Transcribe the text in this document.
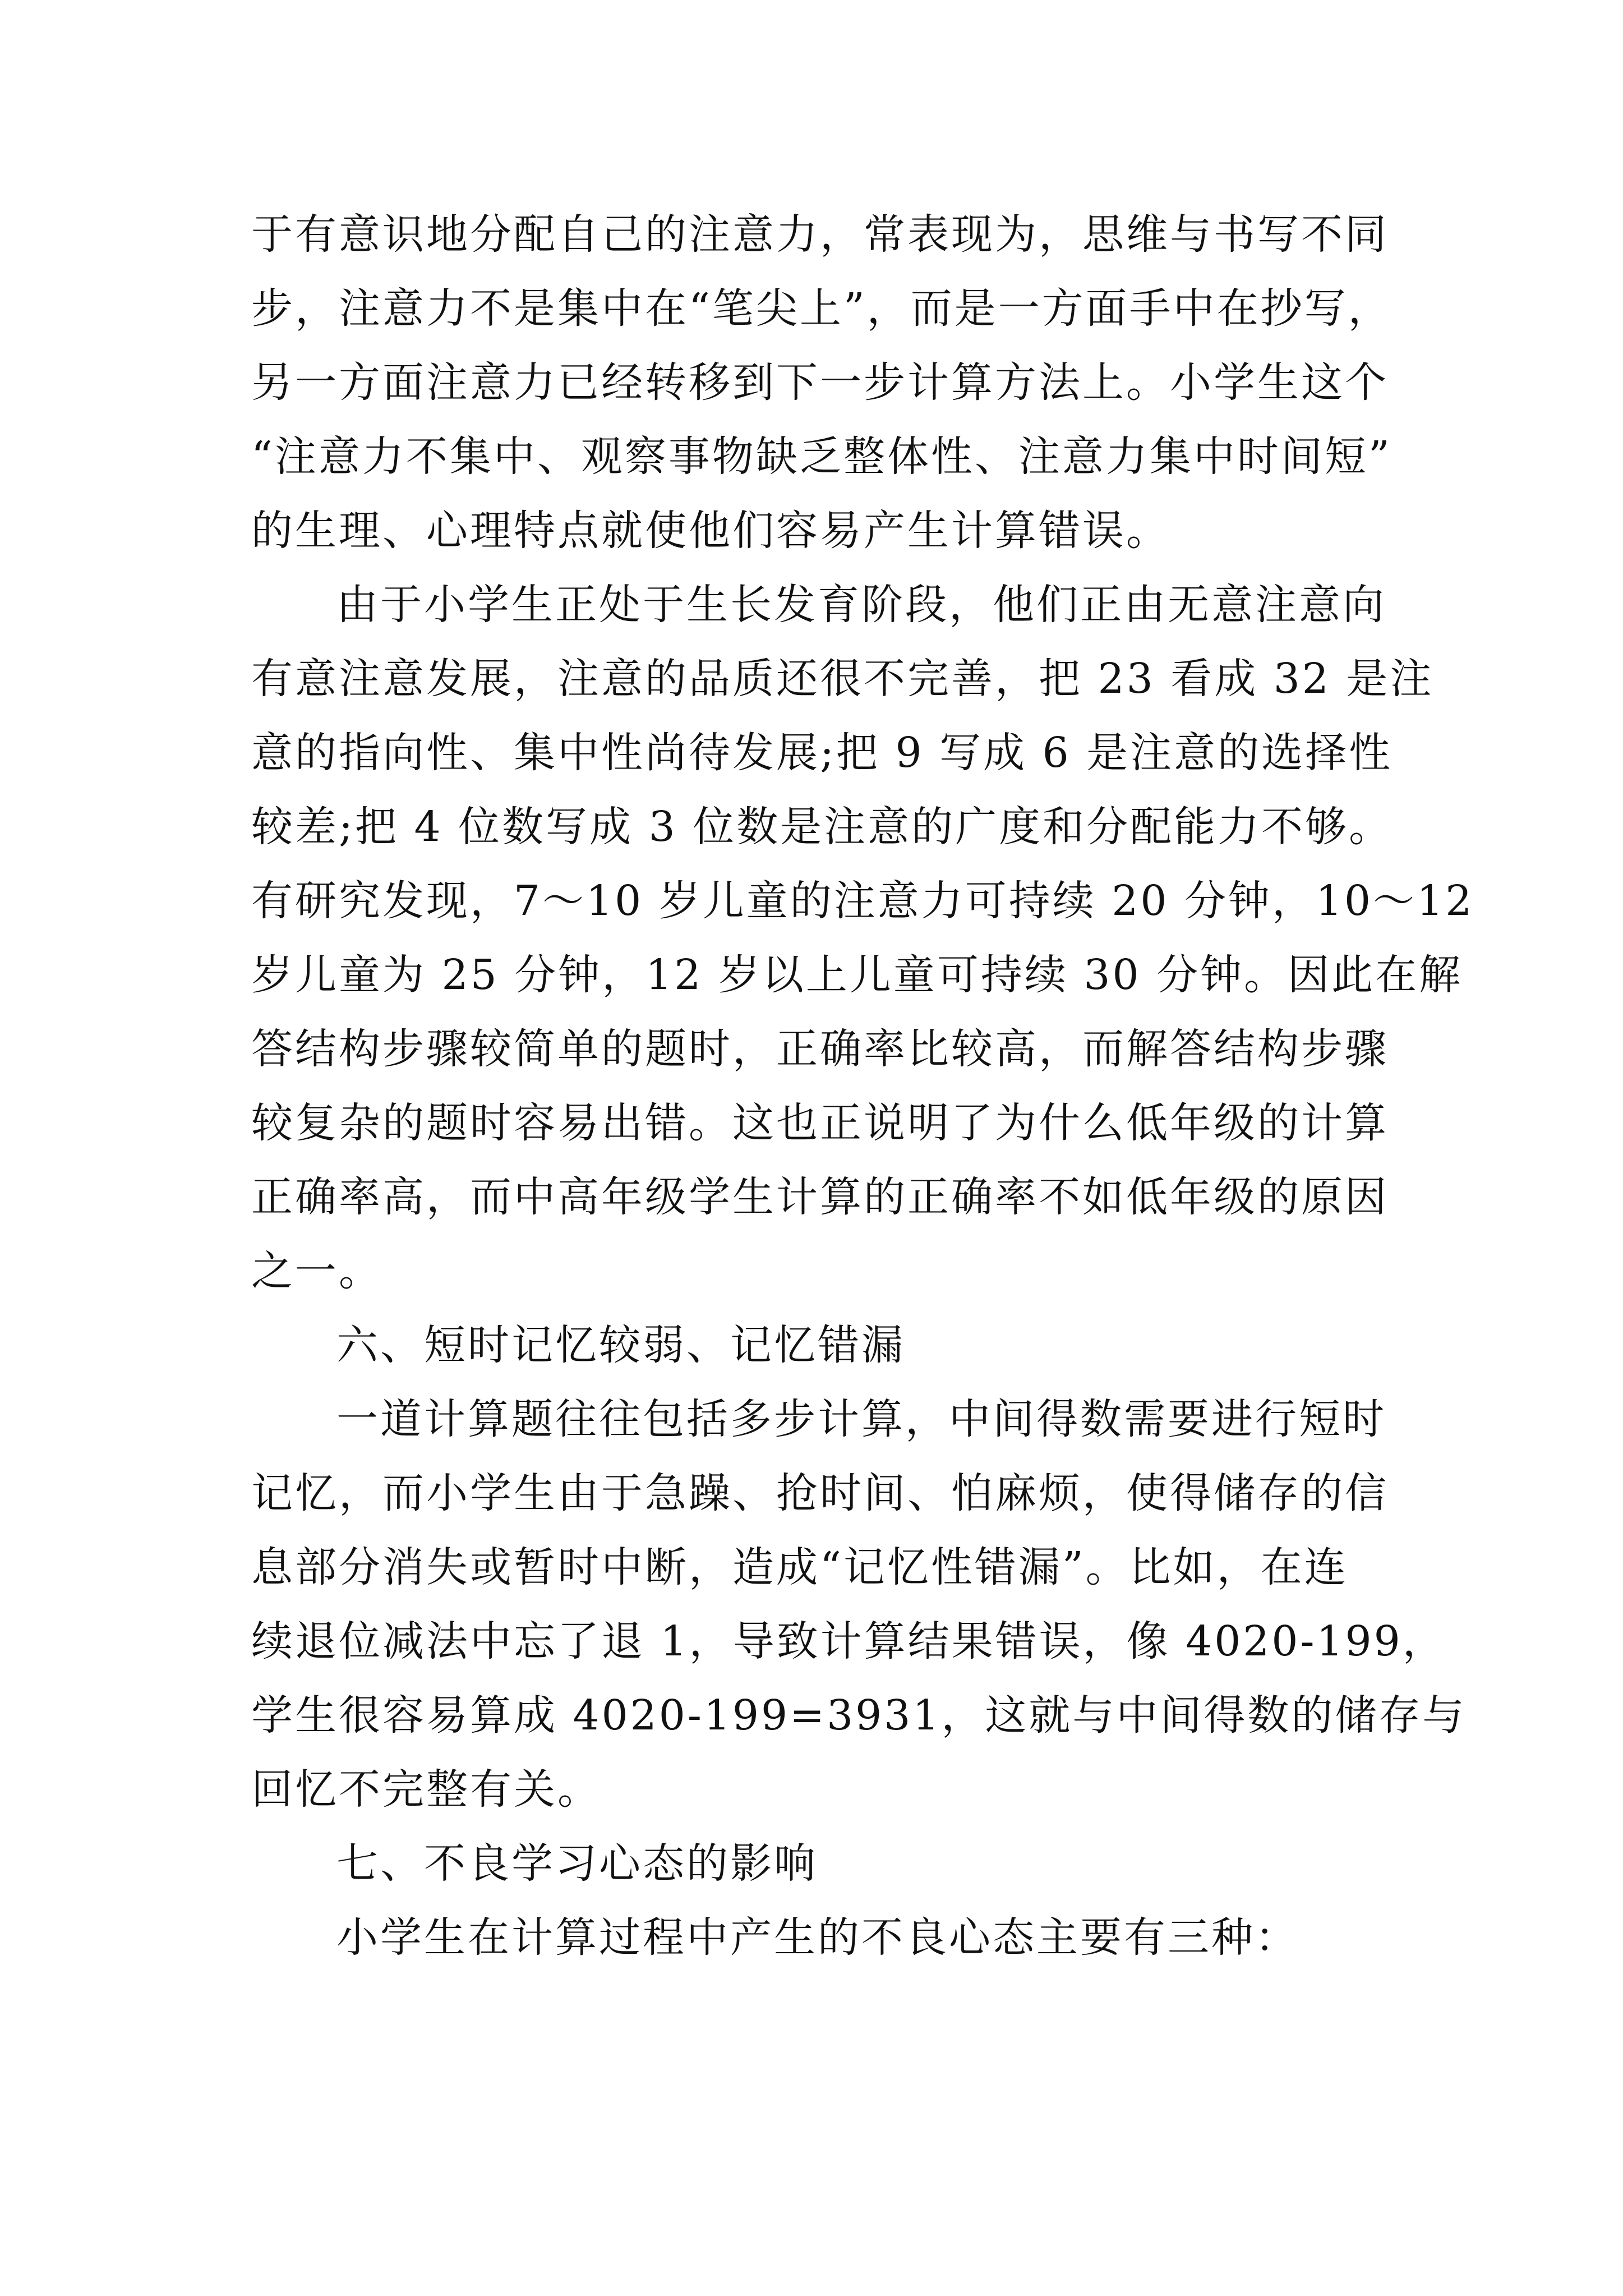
于有意识地分配自己的注意力，常表现为，思维与书写不同
步，注意力不是集中在“笔尖上”，而是一方面手中在抄写，
另一方面注意力已经转移到下一步计算方法上。小学生这个
“注意力不集中、观察事物缺乏整体性、注意力集中时间短”
的生理、心理特点就使他们容易产生计算错误。
由于小学生正处于生长发育阶段，他们正由无意注意向
有意注意发展，注意的品质还很不完善，把 23 看成 32 是注
意的指向性、集中性尚待发展;把 9 写成 6 是注意的选择性
较差;把 4 位数写成 3 位数是注意的广度和分配能力不够。
有研究发现，7～10 岁儿童的注意力可持续 20 分钟，10～12
岁儿童为 25 分钟，12 岁以上儿童可持续 30 分钟。因此在解
答结构步骤较简单的题时，正确率比较高，而解答结构步骤
较复杂的题时容易出错。这也正说明了为什么低年级的计算
正确率高，而中高年级学生计算的正确率不如低年级的原因
之一。
六、短时记忆较弱、记忆错漏
一道计算题往往包括多步计算，中间得数需要进行短时
记忆，而小学生由于急躁、抢时间、怕麻烦，使得储存的信
息部分消失或暂时中断，造成“记忆性错漏”。比如，在连
续退位减法中忘了退 1，导致计算结果错误，像 4020-199，
学生很容易算成 4020-199=3931，这就与中间得数的储存与
回忆不完整有关。
七、不良学习心态的影响
小学生在计算过程中产生的不良心态主要有三种：
